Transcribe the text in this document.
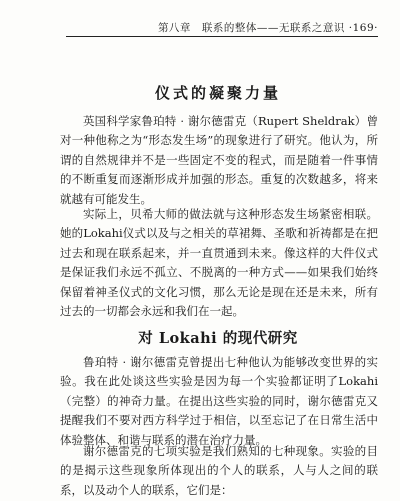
第八章　联系的整体——无联系之意识 ·169·
仪式的凝聚力量

英国科学家鲁珀特 · 谢尔德雷克（Rupert Sheldrak）曾对一种他称之为“形态发生场”的现象进行了研究。他认为，所谓的自然规律并不是一些固定不变的程式，而是随着一件事情的不断重复而逐渐形成并加强的形态。重复的次数越多，将来就越有可能发生。

实际上，贝希大师的做法就与这种形态发生场紧密相联。她的Lokahi仪式以及与之相关的草裙舞、圣歌和祈祷都是在把过去和现在联系起来，并一直贯通到未来。像这样的大件仪式是保证我们永远不孤立、不脱离的一种方式——如果我们始终保留着神圣仪式的文化习惯，那么无论是现在还是未来，所有过去的一切都会永远和我们在一起。

对 Lokahi 的现代研究

鲁珀特 · 谢尔德雷克曾提出七种他认为能够改变世界的实验。我在此处谈这些实验是因为每一个实验都证明了Lokahi（完整）的神奇力量。在提出这些实验的同时，谢尔德雷克又提醒我们不要对西方科学过于相信，以至忘记了在日常生活中体验整体、和谐与联系的潜在治疗力量。

谢尔德雷克的七项实验是我们熟知的七种现象。实验的目的是揭示这些现象所体现出的个人的联系，人与人之间的联系，以及动个人的联系，它们是：
